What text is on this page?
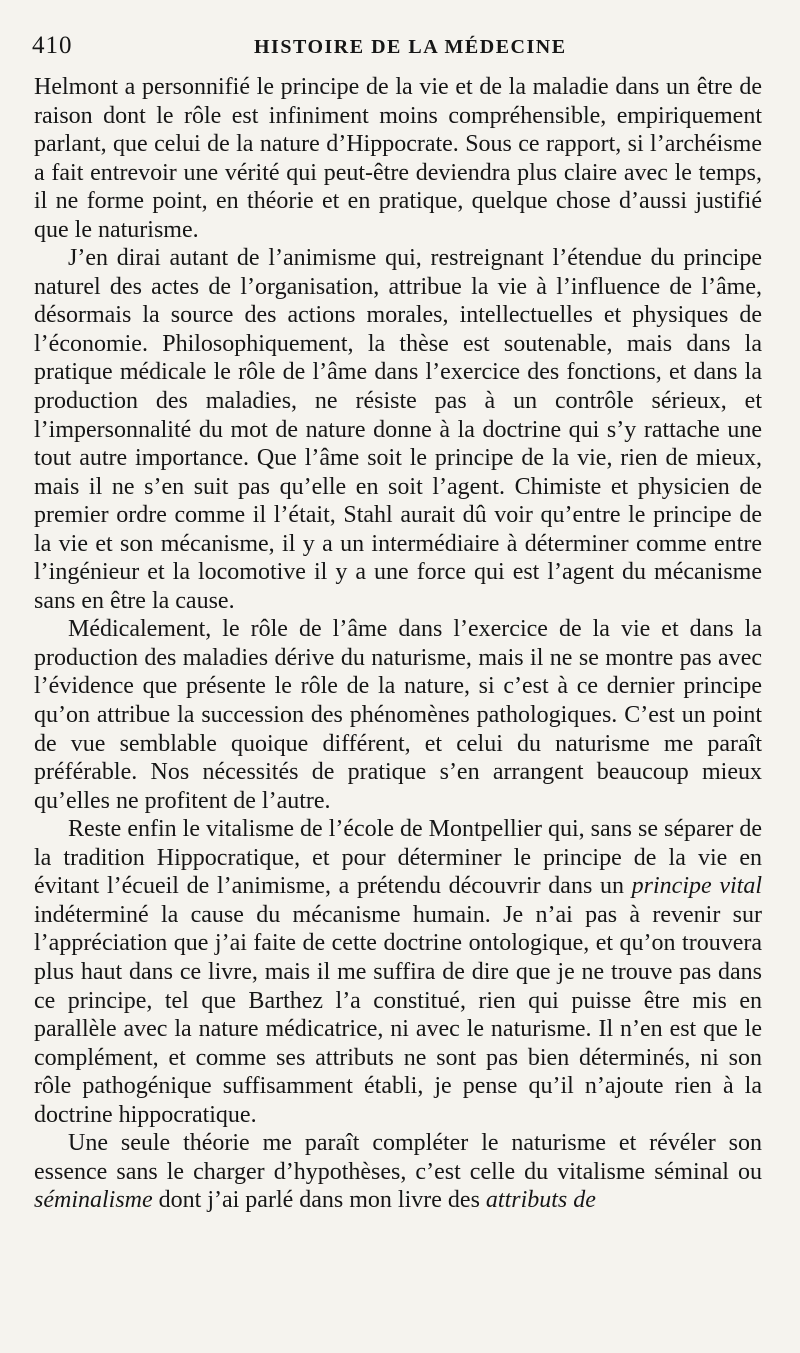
410	HISTOIRE DE LA MÉDECINE

Helmont a personnifié le principe de la vie et de la maladie dans un être de raison dont le rôle est infiniment moins compréhensible, empiriquement parlant, que celui de la nature d’Hippocrate. Sous ce rapport, si l’archéisme a fait entrevoir une vérité qui peut-être deviendra plus claire avec le temps, il ne forme point, en théorie et en pratique, quelque chose d’aussi justifié que le naturisme.

J’en dirai autant de l’animisme qui, restreignant l’étendue du principe naturel des actes de l’organisation, attribue la vie à l’influence de l’âme, désormais la source des actions morales, intellectuelles et physiques de l’économie. Philosophiquement, la thèse est soutenable, mais dans la pratique médicale le rôle de l’âme dans l’exercice des fonctions, et dans la production des maladies, ne résiste pas à un contrôle sérieux, et l’impersonnalité du mot de nature donne à la doctrine qui s’y rattache une tout autre importance. Que l’âme soit le principe de la vie, rien de mieux, mais il ne s’en suit pas qu’elle en soit l’agent. Chimiste et physicien de premier ordre comme il l’était, Stahl aurait dû voir qu’entre le principe de la vie et son mécanisme, il y a un intermédiaire à déterminer comme entre l’ingénieur et la locomotive il y a une force qui est l’agent du mécanisme sans en être la cause.

Médicalement, le rôle de l’âme dans l’exercice de la vie et dans la production des maladies dérive du naturisme, mais il ne se montre pas avec l’évidence que présente le rôle de la nature, si c’est à ce dernier principe qu’on attribue la succession des phénomènes pathologiques. C’est un point de vue semblable quoique différent, et celui du naturisme me paraît préférable. Nos nécessités de pratique s’en arrangent beaucoup mieux qu’elles ne profitent de l’autre.

Reste enfin le vitalisme de l’école de Montpellier qui, sans se séparer de la tradition Hippocratique, et pour déterminer le principe de la vie en évitant l’écueil de l’animisme, a prétendu découvrir dans un principe vital indéterminé la cause du mécanisme humain. Je n’ai pas à revenir sur l’appréciation que j’ai faite de cette doctrine ontologique, et qu’on trouvera plus haut dans ce livre, mais il me suffira de dire que je ne trouve pas dans ce principe, tel que Barthez l’a constitué, rien qui puisse être mis en parallèle avec la nature médicatrice, ni avec le naturisme. Il n’en est que le complément, et comme ses attributs ne sont pas bien déterminés, ni son rôle pathogénique suffisamment établi, je pense qu’il n’ajoute rien à la doctrine hippocratique.

Une seule théorie me paraît compléter le naturisme et révéler son essence sans le charger d’hypothèses, c’est celle du vitalisme séminal ou séminalisme dont j’ai parlé dans mon livre des attributs de
